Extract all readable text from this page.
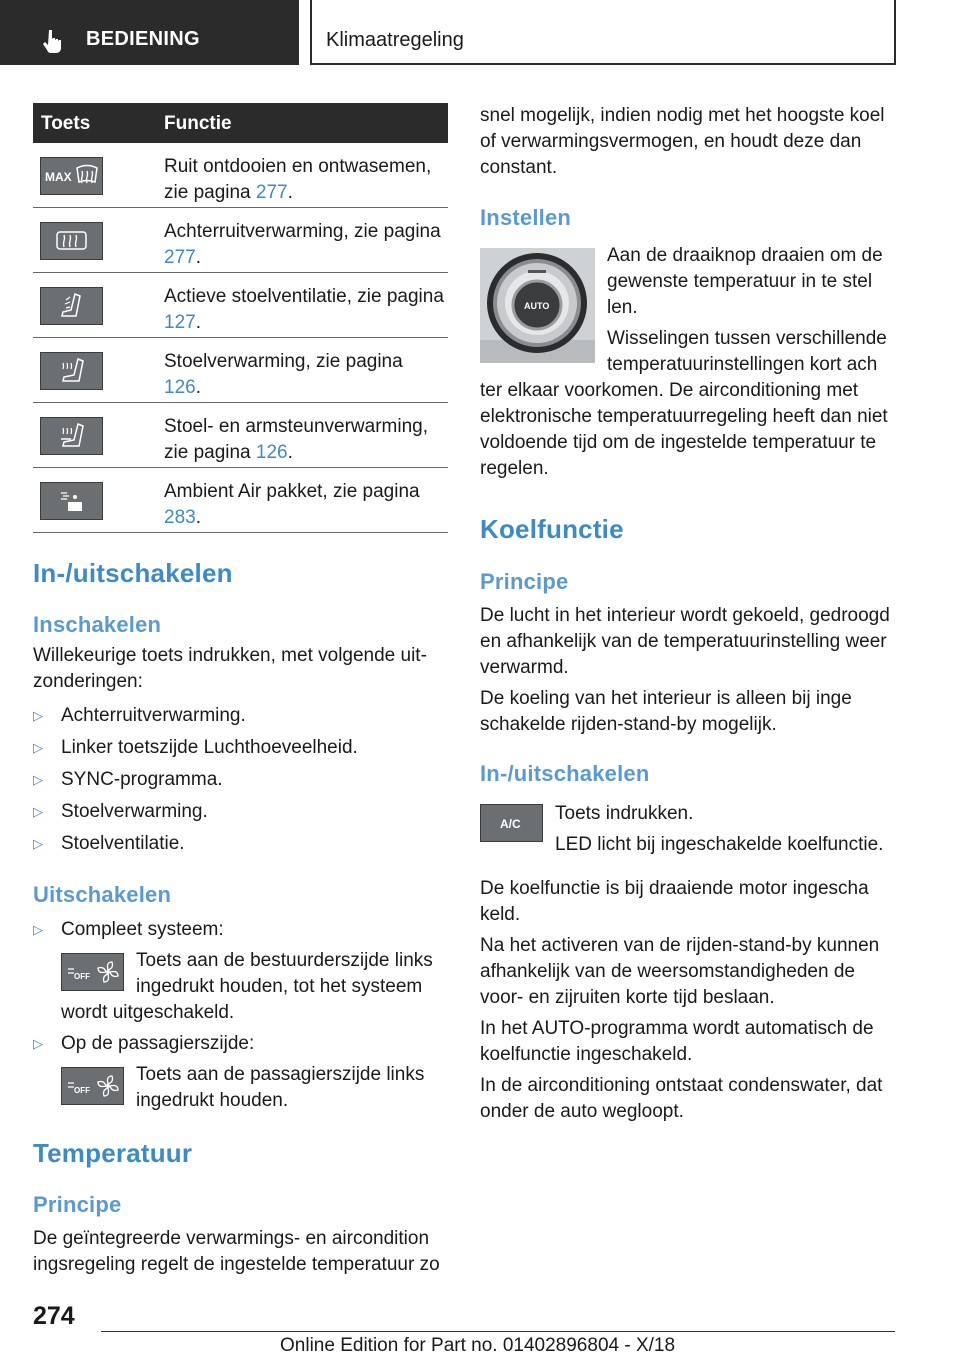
BEDIENING	Klimaatregeling
Toets	Functie
MAX	Ruit ontdooien en ontwasemen, zie pagina 277.
Achterruitverwarming, zie pagina 277.
Actieve stoelventilatie, zie pagina 127.
Stoelverwarming, zie pagina 126.
Stoel- en armsteunverwarming, zie pagina 126.
Ambient Air pakket, zie pagina 283.
In-/uitschakelen
Inschakelen
Willekeurige toets indrukken, met volgende uitzonderingen:
▷ Achterruitverwarming.
▷ Linker toetszijde Luchthoeveelheid.
▷ SYNC-programma.
▷ Stoelverwarming.
▷ Stoelventilatie.
Uitschakelen
▷ Compleet systeem:
OFF
Toets aan de bestuurderszijde links
ingedrukt houden, tot het systeem
wordt uitgeschakeld.
▷ Op de passagierszijde:
OFF
Toets aan de passagierszijde links
ingedrukt houden.
Temperatuur
Principe
De geïntegreerde verwarmings- en aircondition
ingsregeling regelt de ingestelde temperatuur zo
snel mogelijk, indien nodig met het hoogste koel
of verwarmingsvermogen, en houdt deze dan
constant.
Instellen
AUTO
Aan de draaiknop draaien om de
gewenste temperatuur in te stel
len.
Wisselingen tussen verschillende
temperatuurinstellingen kort ach
ter elkaar voorkomen. De airconditioning met
elektronische temperatuurregeling heeft dan niet
voldoende tijd om de ingestelde temperatuur te
regelen.
Koelfunctie
Principe
De lucht in het interieur wordt gekoeld, gedroogd
en afhankelijk van de temperatuurinstelling weer
verwarmd.
De koeling van het interieur is alleen bij inge
schakelde rijden-stand-by mogelijk.
In-/uitschakelen
A/C Toets indrukken.
LED licht bij ingeschakelde koelfunctie.
De koelfunctie is bij draaiende motor ingescha
keld.
Na het activeren van de rijden-stand-by kunnen
afhankelijk van de weersomstandigheden de
voor- en zijruiten korte tijd beslaan.
In het AUTO-programma wordt automatisch de
koelfunctie ingeschakeld.
In de airconditioning ontstaat condenswater, dat
onder de auto wegloopt.
274
Online Edition for Part no. 01402896804 - X/18
